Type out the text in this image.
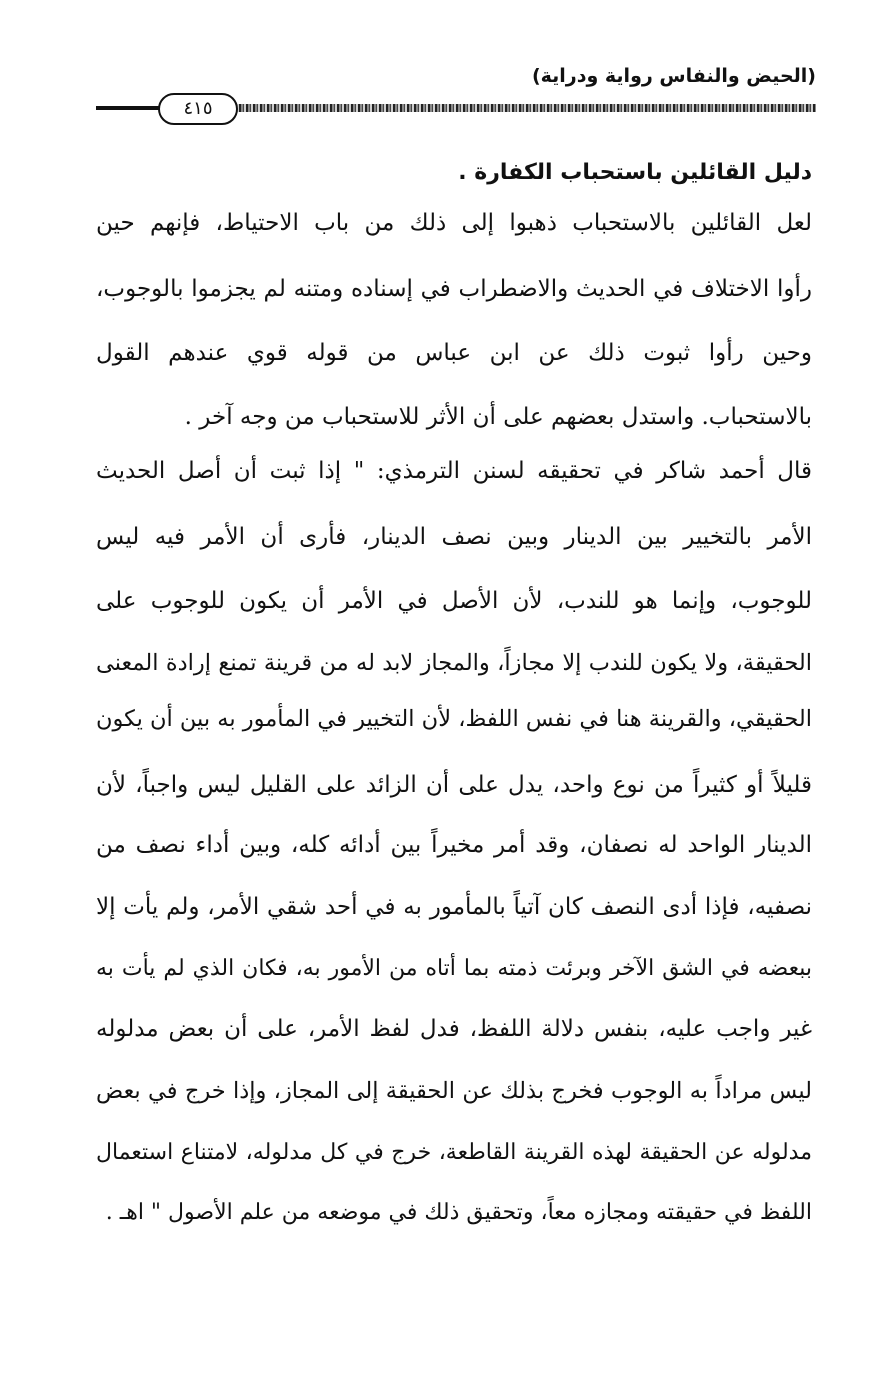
(الحيض والنفاس رواية ودراية)
٤١٥
دليل القائلين باستحباب الكفارة .
لعل القائلين بالاستحباب ذهبوا إلى ذلك من باب الاحتياط، فإنهم حين
رأوا الاختلاف في الحديث والاضطراب في إسناده ومتنه لم يجزموا بالوجوب،
وحين رأوا ثبوت ذلك عن ابن عباس من قوله قوي عندهم القول
بالاستحباب. واستدل بعضهم على أن الأثر للاستحباب من وجه آخر .
قال أحمد شاكر في تحقيقه لسنن الترمذي: " إذا ثبت أن أصل الحديث
الأمر بالتخيير بين الدينار وبين نصف الدينار، فأرى أن الأمر فيه ليس
للوجوب، وإنما هو للندب، لأن الأصل في الأمر أن يكون للوجوب على
الحقيقة، ولا يكون للندب إلا مجازاً، والمجاز لابد له من قرينة تمنع إرادة المعنى
الحقيقي، والقرينة هنا في نفس اللفظ، لأن التخيير في المأمور به بين أن يكون
قليلاً أو كثيراً من نوع واحد، يدل على أن الزائد على القليل ليس واجباً، لأن
الدينار الواحد له نصفان، وقد أمر مخيراً بين أدائه كله، وبين أداء نصف من
نصفيه، فإذا أدى النصف كان آتياً بالمأمور به في أحد شقي الأمر، ولم يأت إلا
ببعضه في الشق الآخر وبرئت ذمته بما أتاه من الأمور به، فكان الذي لم يأت به
غير واجب عليه، بنفس دلالة اللفظ، فدل لفظ الأمر، على أن بعض مدلوله
ليس مراداً به الوجوب فخرج بذلك عن الحقيقة إلى المجاز، وإذا خرج في بعض
مدلوله عن الحقيقة لهذه القرينة القاطعة، خرج في كل مدلوله، لامتناع استعمال
اللفظ في حقيقته ومجازه معاً، وتحقيق ذلك في موضعه من علم الأصول " اهـ .
